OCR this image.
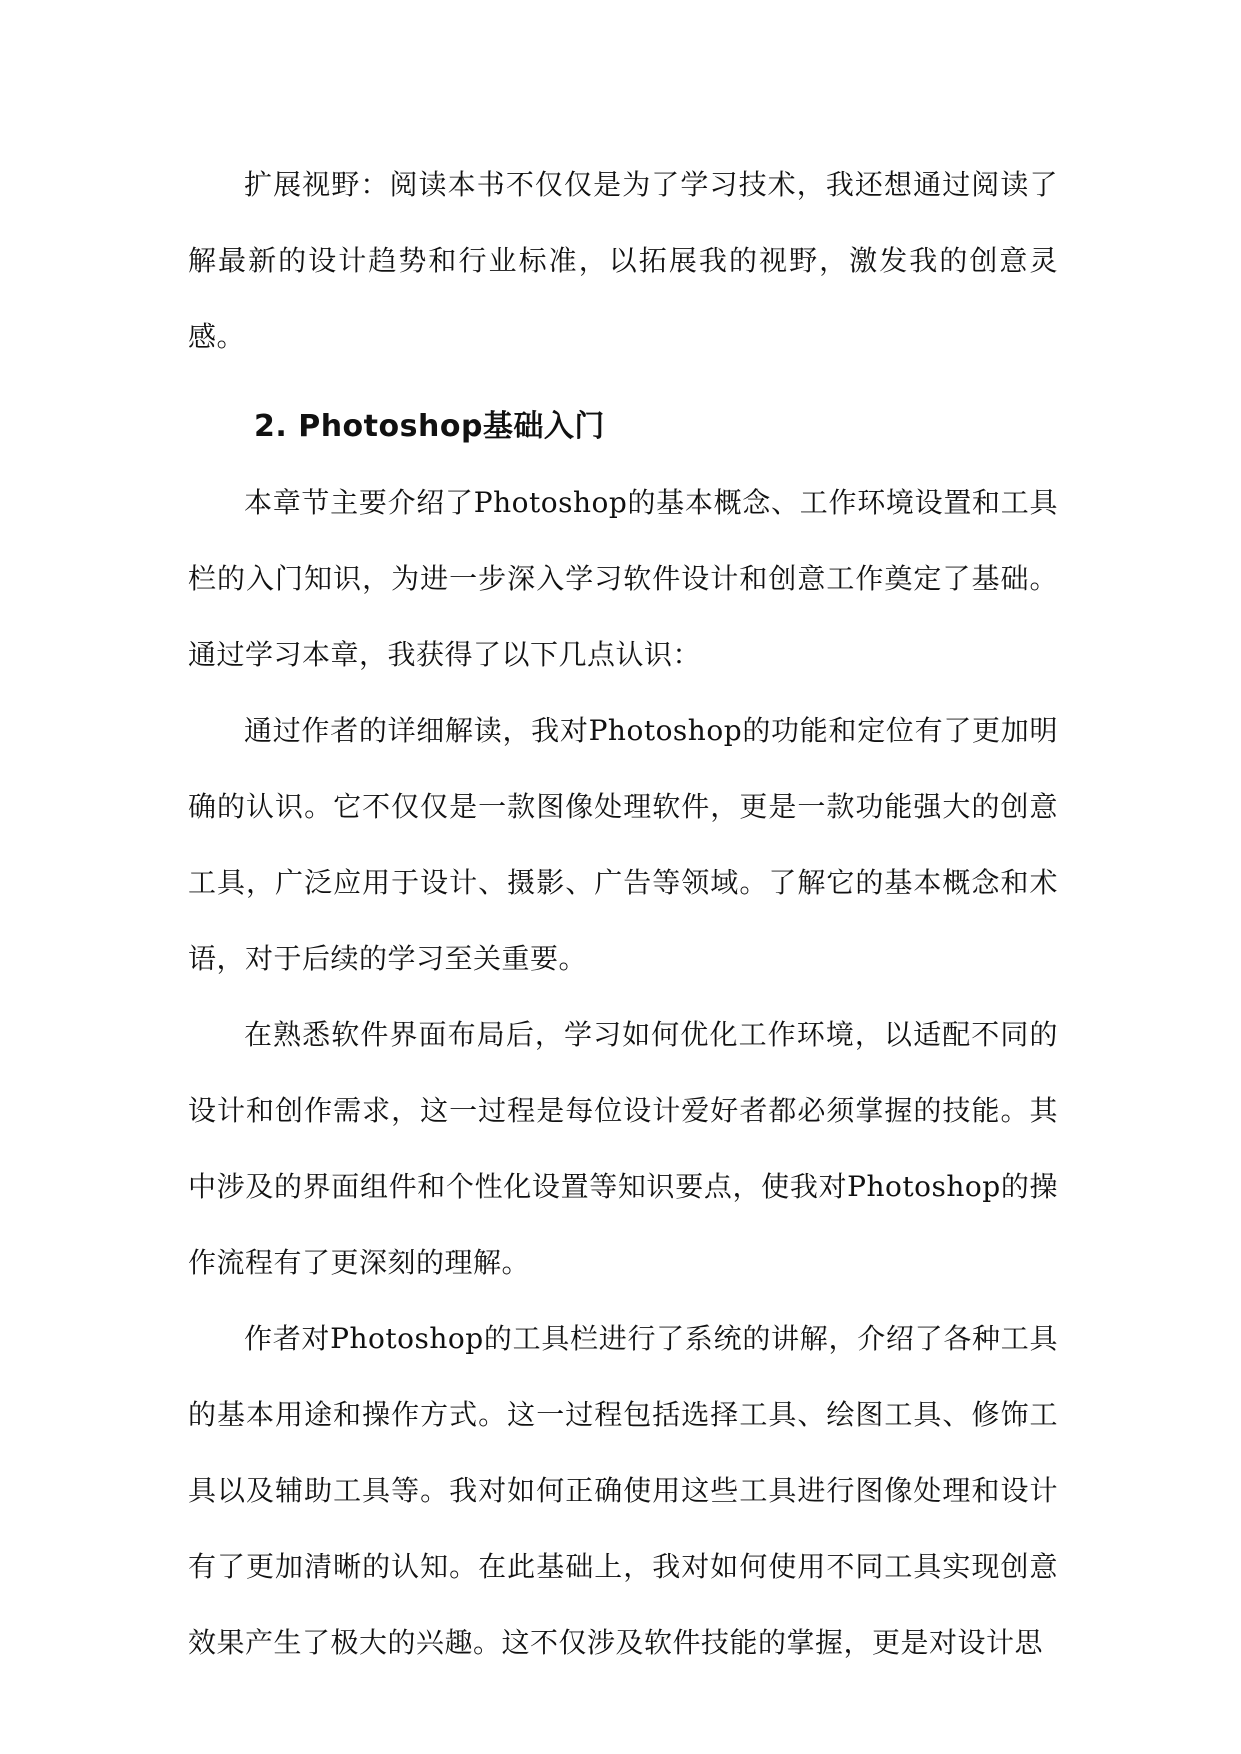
扩展视野：阅读本书不仅仅是为了学习技术，我还想通过阅读了解最新的设计趋势和行业标准，以拓展我的视野，激发我的创意灵感。

2. Photoshop基础入门

本章节主要介绍了Photoshop的基本概念、工作环境设置和工具栏的入门知识，为进一步深入学习软件设计和创意工作奠定了基础。通过学习本章，我获得了以下几点认识：

通过作者的详细解读，我对Photoshop的功能和定位有了更加明确的认识。它不仅仅是一款图像处理软件，更是一款功能强大的创意工具，广泛应用于设计、摄影、广告等领域。了解它的基本概念和术语，对于后续的学习至关重要。

在熟悉软件界面布局后，学习如何优化工作环境，以适配不同的设计和创作需求，这一过程是每位设计爱好者都必须掌握的技能。其中涉及的界面组件和个性化设置等知识要点，使我对Photoshop的操作流程有了更深刻的理解。

作者对Photoshop的工具栏进行了系统的讲解，介绍了各种工具的基本用途和操作方式。这一过程包括选择工具、绘图工具、修饰工具以及辅助工具等。我对如何正确使用这些工具进行图像处理和设计有了更加清晰的认知。在此基础上，我对如何使用不同工具实现创意效果产生了极大的兴趣。这不仅涉及软件技能的掌握，更是对设计思
